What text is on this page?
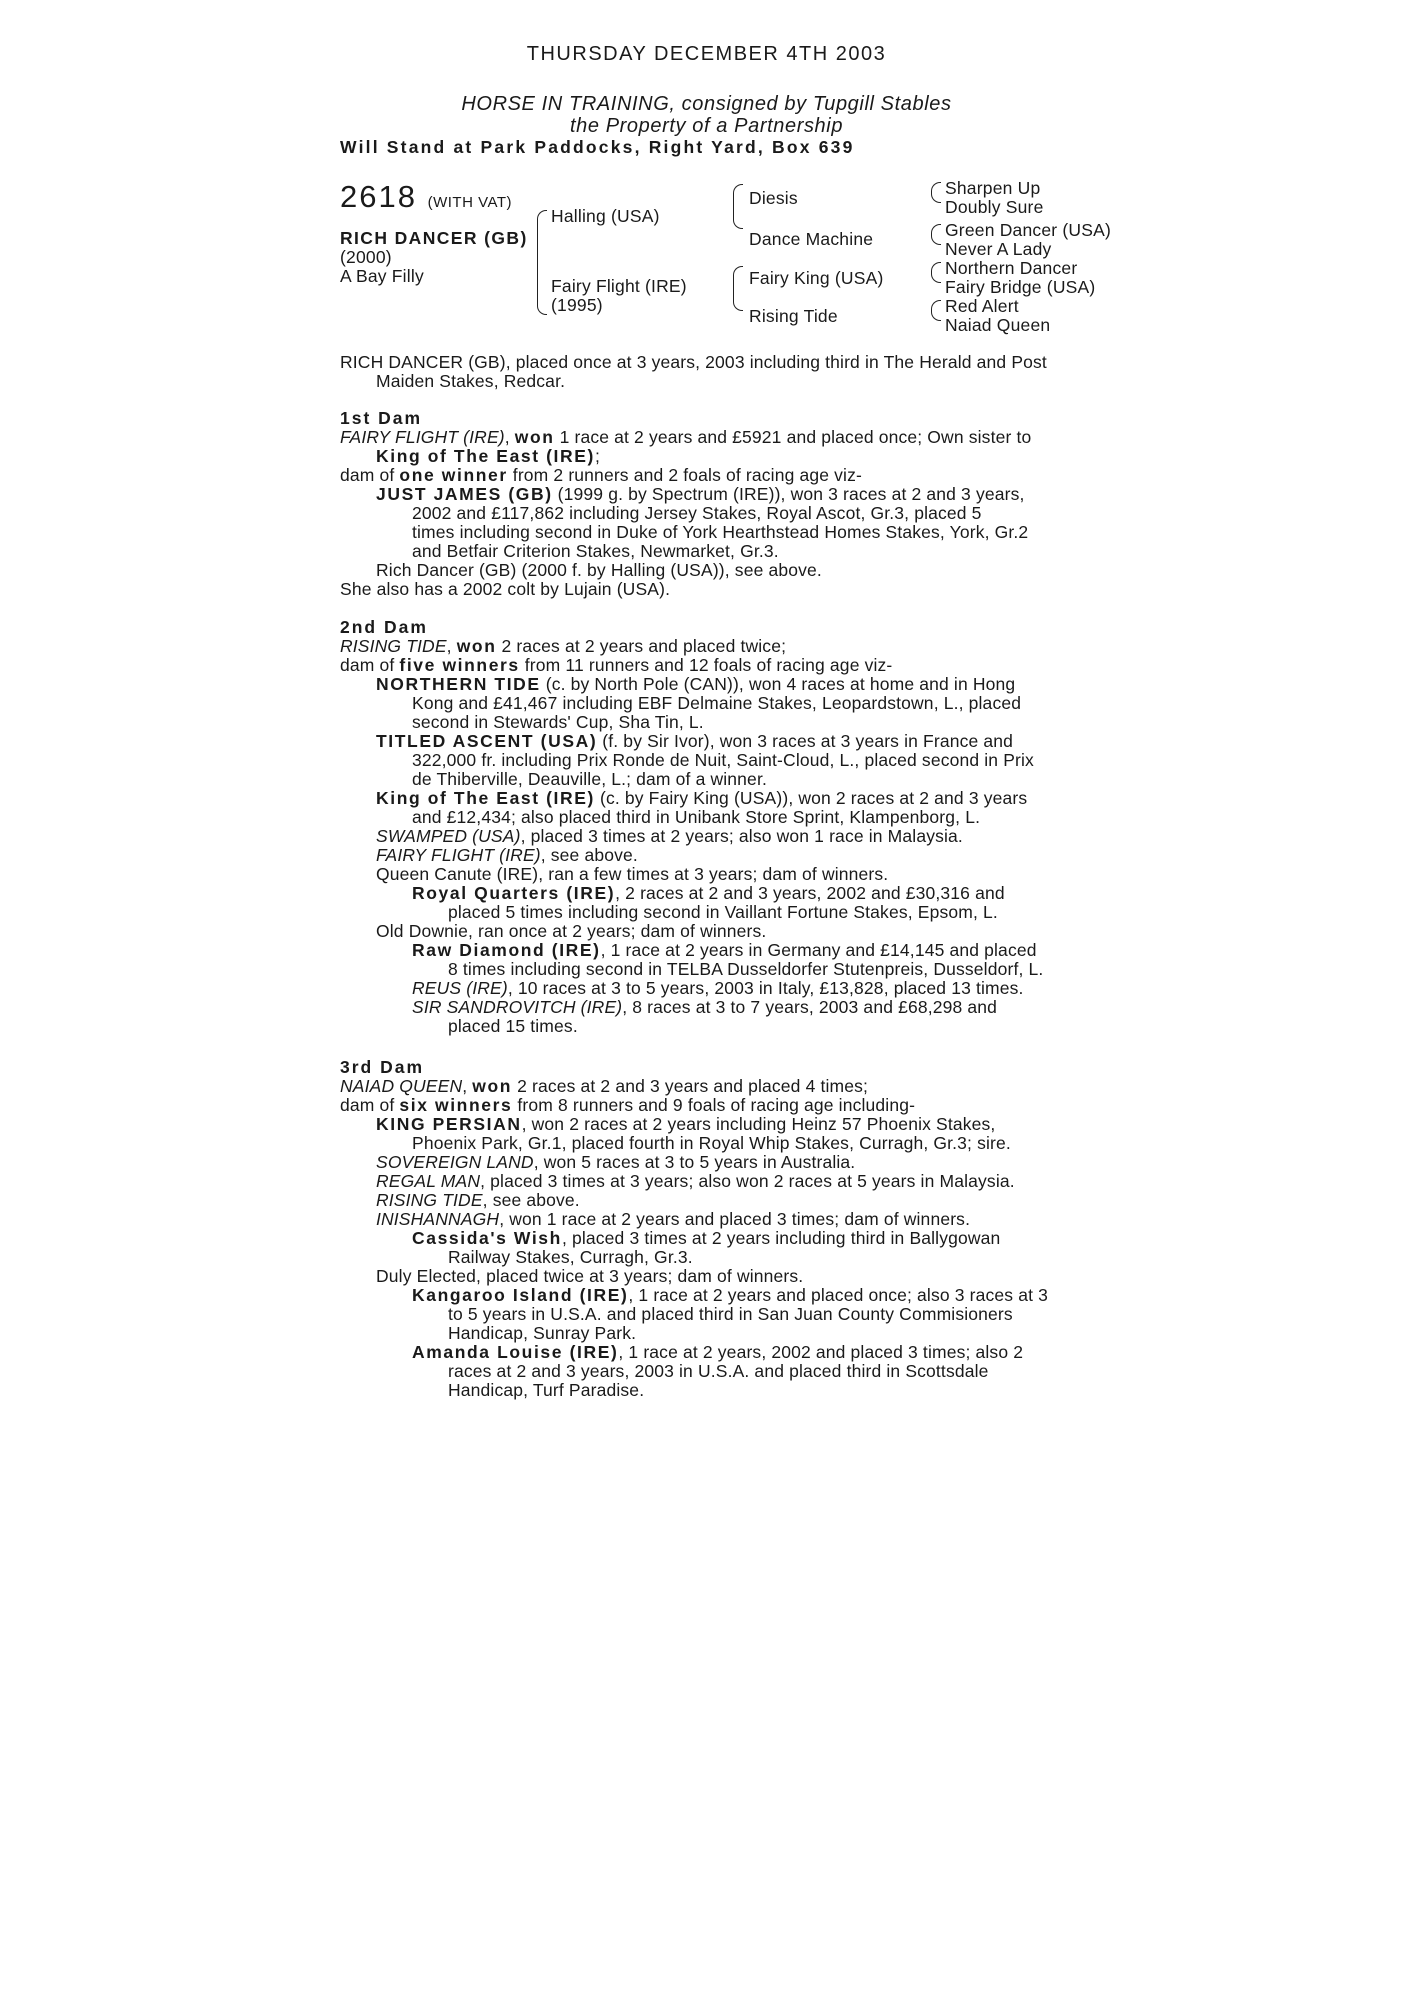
THURSDAY DECEMBER 4TH 2003
HORSE IN TRAINING, consigned by Tupgill Stables
the Property of a Partnership
Will Stand at Park Paddocks, Right Yard, Box 639
2618 (WITH VAT)
RICH DANCER (GB)
(2000)
A Bay Filly
Halling (USA)
Fairy Flight (IRE)
(1995)
Diesis
Dance Machine
Fairy King (USA)
Rising Tide
Sharpen Up
Doubly Sure
Green Dancer (USA)
Never A Lady
Northern Dancer
Fairy Bridge (USA)
Red Alert
Naiad Queen
RICH DANCER (GB), placed once at 3 years, 2003 including third in The Herald and Post
Maiden Stakes, Redcar.
1st Dam
FAIRY FLIGHT (IRE), won 1 race at 2 years and £5921 and placed once; Own sister to
King of The East (IRE);
dam of one winner from 2 runners and 2 foals of racing age viz-
JUST JAMES (GB) (1999 g. by Spectrum (IRE)), won 3 races at 2 and 3 years,
2002 and £117,862 including Jersey Stakes, Royal Ascot, Gr.3, placed 5
times including second in Duke of York Hearthstead Homes Stakes, York, Gr.2
and Betfair Criterion Stakes, Newmarket, Gr.3.
Rich Dancer (GB) (2000 f. by Halling (USA)), see above.
She also has a 2002 colt by Lujain (USA).
2nd Dam
RISING TIDE, won 2 races at 2 years and placed twice;
dam of five winners from 11 runners and 12 foals of racing age viz-
NORTHERN TIDE (c. by North Pole (CAN)), won 4 races at home and in Hong
Kong and £41,467 including EBF Delmaine Stakes, Leopardstown, L., placed
second in Stewards' Cup, Sha Tin, L.
TITLED ASCENT (USA) (f. by Sir Ivor), won 3 races at 3 years in France and
322,000 fr. including Prix Ronde de Nuit, Saint-Cloud, L., placed second in Prix
de Thiberville, Deauville, L.; dam of a winner.
King of The East (IRE) (c. by Fairy King (USA)), won 2 races at 2 and 3 years
and £12,434; also placed third in Unibank Store Sprint, Klampenborg, L.
SWAMPED (USA), placed 3 times at 2 years; also won 1 race in Malaysia.
FAIRY FLIGHT (IRE), see above.
Queen Canute (IRE), ran a few times at 3 years; dam of winners.
Royal Quarters (IRE), 2 races at 2 and 3 years, 2002 and £30,316 and
placed 5 times including second in Vaillant Fortune Stakes, Epsom, L.
Old Downie, ran once at 2 years; dam of winners.
Raw Diamond (IRE), 1 race at 2 years in Germany and £14,145 and placed
8 times including second in TELBA Dusseldorfer Stutenpreis, Dusseldorf, L.
REUS (IRE), 10 races at 3 to 5 years, 2003 in Italy, £13,828, placed 13 times.
SIR SANDROVITCH (IRE), 8 races at 3 to 7 years, 2003 and £68,298 and
placed 15 times.
3rd Dam
NAIAD QUEEN, won 2 races at 2 and 3 years and placed 4 times;
dam of six winners from 8 runners and 9 foals of racing age including-
KING PERSIAN, won 2 races at 2 years including Heinz 57 Phoenix Stakes,
Phoenix Park, Gr.1, placed fourth in Royal Whip Stakes, Curragh, Gr.3; sire.
SOVEREIGN LAND, won 5 races at 3 to 5 years in Australia.
REGAL MAN, placed 3 times at 3 years; also won 2 races at 5 years in Malaysia.
RISING TIDE, see above.
INISHANNAGH, won 1 race at 2 years and placed 3 times; dam of winners.
Cassida's Wish, placed 3 times at 2 years including third in Ballygowan
Railway Stakes, Curragh, Gr.3.
Duly Elected, placed twice at 3 years; dam of winners.
Kangaroo Island (IRE), 1 race at 2 years and placed once; also 3 races at 3
to 5 years in U.S.A. and placed third in San Juan County Commisioners
Handicap, Sunray Park.
Amanda Louise (IRE), 1 race at 2 years, 2002 and placed 3 times; also 2
races at 2 and 3 years, 2003 in U.S.A. and placed third in Scottsdale
Handicap, Turf Paradise.
